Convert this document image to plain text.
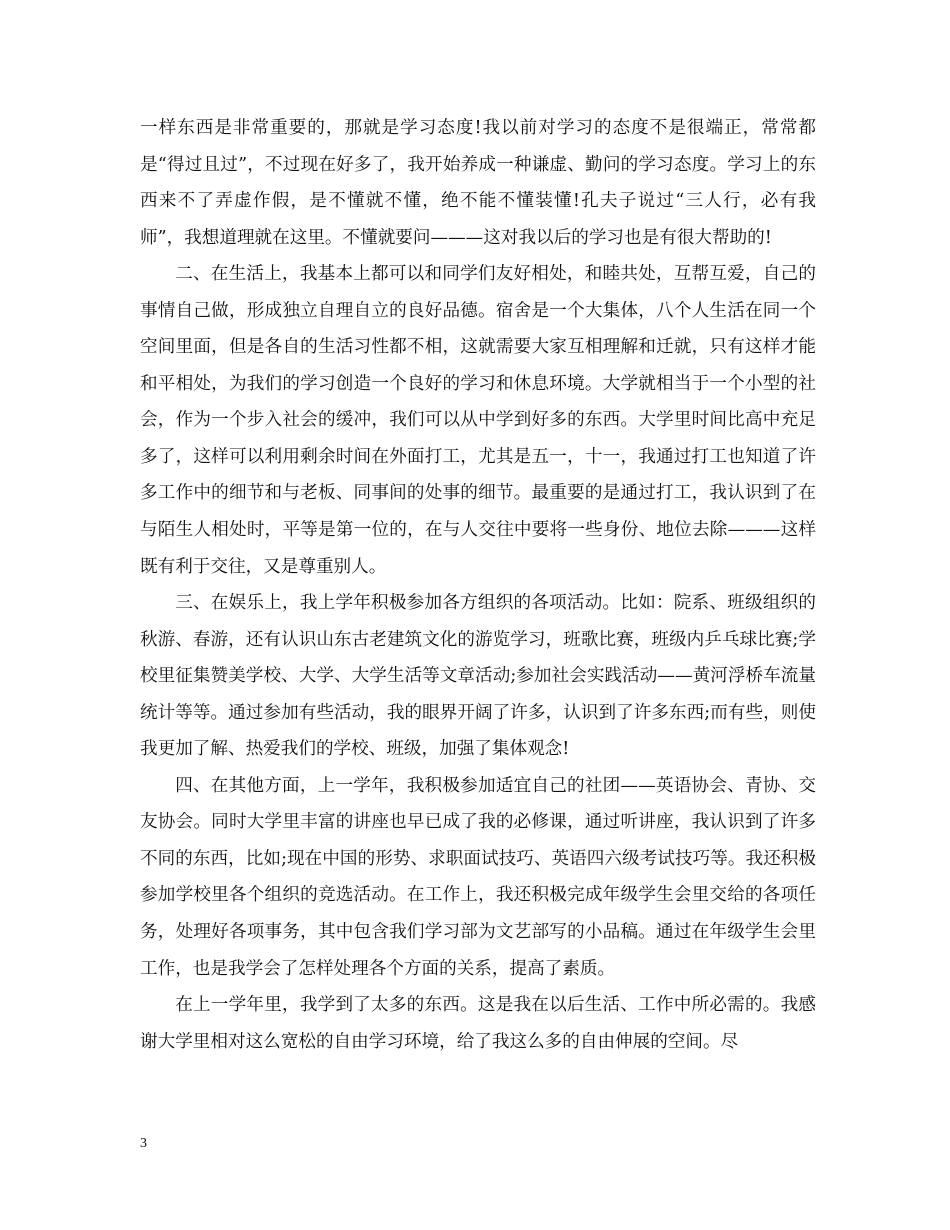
一样东西是非常重要的，那就是学习态度!我以前对学习的态度不是很端正，常常都是“得过且过”，不过现在好多了，我开始养成一种谦虚、勤问的学习态度。学习上的东西来不了弄虚作假，是不懂就不懂，绝不能不懂装懂!孔夫子说过“三人行，必有我师”，我想道理就在这里。不懂就要问———这对我以后的学习也是有很大帮助的!

二、在生活上，我基本上都可以和同学们友好相处，和睦共处，互帮互爱，自己的事情自己做，形成独立自理自立的良好品德。宿舍是一个大集体，八个人生活在同一个空间里面，但是各自的生活习性都不相，这就需要大家互相理解和迁就，只有这样才能和平相处，为我们的学习创造一个良好的学习和休息环境。大学就相当于一个小型的社会，作为一个步入社会的缓冲，我们可以从中学到好多的东西。大学里时间比高中充足多了，这样可以利用剩余时间在外面打工，尤其是五一，十一，我通过打工也知道了许多工作中的细节和与老板、同事间的处事的细节。最重要的是通过打工，我认识到了在与陌生人相处时，平等是第一位的，在与人交往中要将一些身份、地位去除———这样既有利于交往，又是尊重别人。

三、在娱乐上，我上学年积极参加各方组织的各项活动。比如：院系、班级组织的秋游、春游，还有认识山东古老建筑文化的游览学习，班歌比赛，班级内乒乓球比赛;学校里征集赞美学校、大学、大学生活等文章活动;参加社会实践活动——黄河浮桥车流量统计等等。通过参加有些活动，我的眼界开阔了许多，认识到了许多东西;而有些，则使我更加了解、热爱我们的学校、班级，加强了集体观念!

四、在其他方面，上一学年，我积极参加适宜自己的社团——英语协会、青协、交友协会。同时大学里丰富的讲座也早已成了我的必修课，通过听讲座，我认识到了许多不同的东西，比如;现在中国的形势、求职面试技巧、英语四六级考试技巧等。我还积极参加学校里各个组织的竞选活动。在工作上，我还积极完成年级学生会里交给的各项任务，处理好各项事务，其中包含我们学习部为文艺部写的小品稿。通过在年级学生会里工作，也是我学会了怎样处理各个方面的关系，提高了素质。

在上一学年里，我学到了太多的东西。这是我在以后生活、工作中所必需的。我感谢大学里相对这么宽松的自由学习环境，给了我这么多的自由伸展的空间。尽

3
